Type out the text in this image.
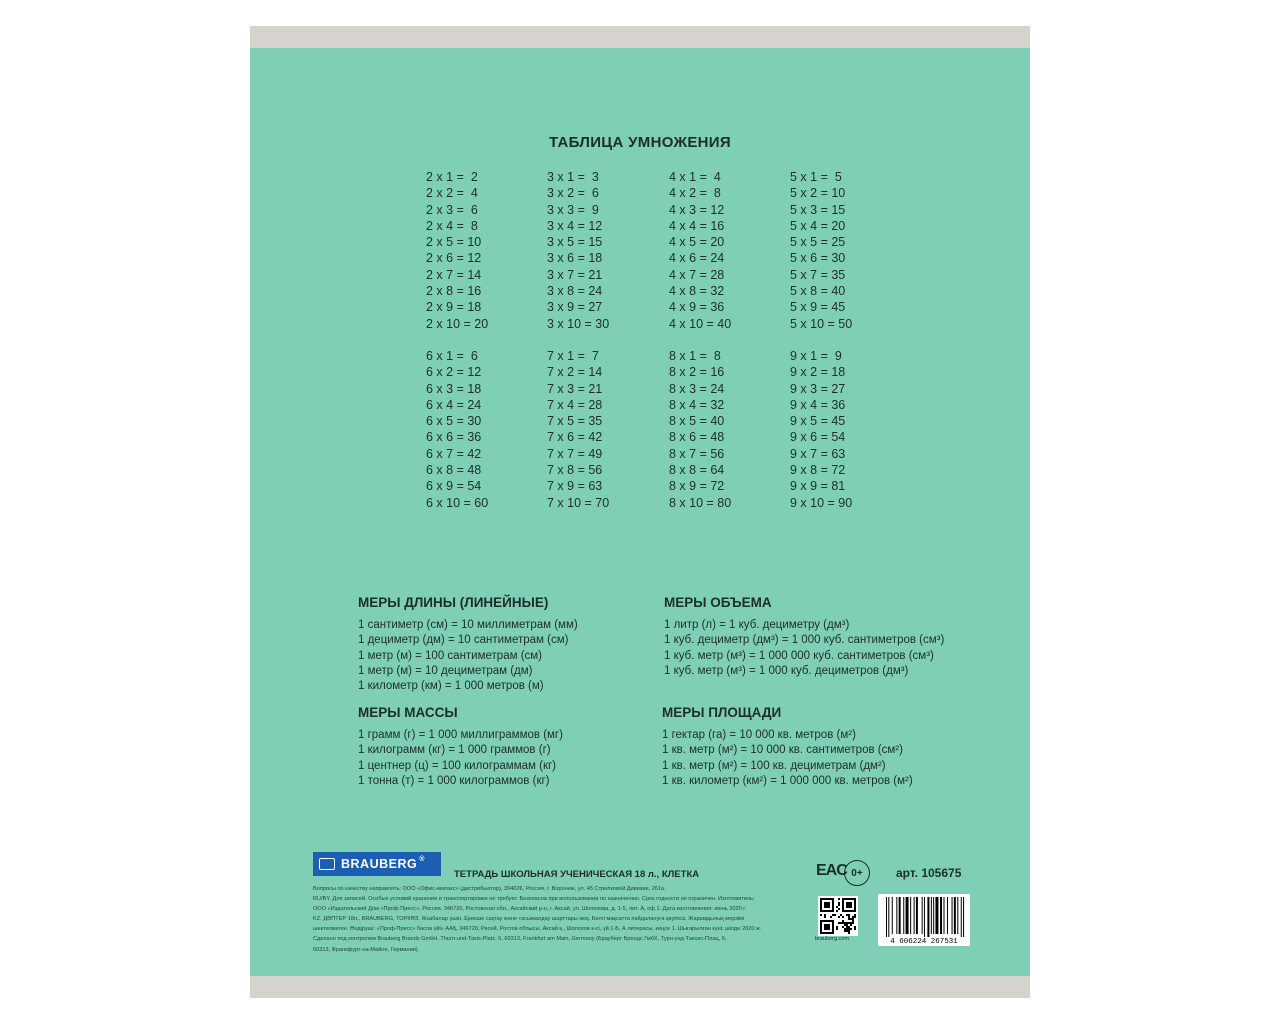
ТАБЛИЦА УМНОЖЕНИЯ
2 x 1 =  2
2 x 2 =  4
2 x 3 =  6
2 x 4 =  8
2 x 5 = 10
2 x 6 = 12
2 x 7 = 14
2 x 8 = 16
2 x 9 = 18
2 x 10 = 20
3 x 1 =  3
3 x 2 =  6
3 x 3 =  9
3 x 4 = 12
3 x 5 = 15
3 x 6 = 18
3 x 7 = 21
3 x 8 = 24
3 x 9 = 27
3 x 10 = 30
4 x 1 =  4
4 x 2 =  8
4 x 3 = 12
4 x 4 = 16
4 x 5 = 20
4 x 6 = 24
4 x 7 = 28
4 x 8 = 32
4 x 9 = 36
4 x 10 = 40
5 x 1 =  5
5 x 2 = 10
5 x 3 = 15
5 x 4 = 20
5 x 5 = 25
5 x 6 = 30
5 x 7 = 35
5 x 8 = 40
5 x 9 = 45
5 x 10 = 50
6 x 1 =  6
6 x 2 = 12
6 x 3 = 18
6 x 4 = 24
6 x 5 = 30
6 x 6 = 36
6 x 7 = 42
6 x 8 = 48
6 x 9 = 54
6 x 10 = 60
7 x 1 =  7
7 x 2 = 14
7 x 3 = 21
7 x 4 = 28
7 x 5 = 35
7 x 6 = 42
7 x 7 = 49
7 x 8 = 56
7 x 9 = 63
7 x 10 = 70
8 x 1 =  8
8 x 2 = 16
8 x 3 = 24
8 x 4 = 32
8 x 5 = 40
8 x 6 = 48
8 x 7 = 56
8 x 8 = 64
8 x 9 = 72
8 x 10 = 80
9 x 1 =  9
9 x 2 = 18
9 x 3 = 27
9 x 4 = 36
9 x 5 = 45
9 x 6 = 54
9 x 7 = 63
9 x 8 = 72
9 x 9 = 81
9 x 10 = 90
МЕРЫ ДЛИНЫ (ЛИНЕЙНЫЕ)
1 сантиметр (см) = 10 миллиметрам (мм)
1 дециметр (дм) = 10 сантиметрам (см)
1 метр (м) = 100 сантиметрам (см)
1 метр (м) = 10 дециметрам (дм)
1 километр (км) = 1 000 метров (м)
МЕРЫ ОБЪЕМА
1 литр (л) = 1 куб. дециметру (дм³)
1 куб. дециметр (дм³) = 1 000 куб. сантиметров (см³)
1 куб. метр (м³) = 1 000 000 куб. сантиметров (см³)
1 куб. метр (м³) = 1 000 куб. дециметров (дм³)
МЕРЫ МАССЫ
1 грамм (г) = 1 000 миллиграммов (мг)
1 килограмм (кг) = 1 000 граммов (г)
1 центнер (ц) = 100 килограммам (кг)
1 тонна (т) = 1 000 килограммов (кг)
МЕРЫ ПЛОЩАДИ
1 гектар (га) = 10 000 кв. метров (м²)
1 кв. метр (м²) = 10 000 кв. сантиметров (см²)
1 кв. метр (м²) = 100 кв. дециметрам (дм²)
1 кв. километр (км²) = 1 000 000 кв. метров (м²)
BRAUBERG ®
ТЕТРАДЬ ШКОЛЬНАЯ УЧЕНИЧЕСКАЯ 18 л., КЛЕТКА
Вопросы по качеству направлять: ООО «Офис-имлакс» (дистрибьютор), 394026, Россия, г. Воронеж, ул. 45 Стрелковой Дивизии, 261а.
RU/BY. Для записей. Особых условий хранения и транспортировки не требует. Безопасна при использовании по назначению. Срок годности не ограничен. Изготовитель:
ООО «Издательский Дом «Проф-Пресс», Россия, 346720, Ростовская обл., Аксайский р-н, г. Аксай, ул. Шолохова, д. 1-5, лит. А, оф.1. Дата изготовления: июнь 2020 г.
KZ. ДӘПТЕР 18п., BRAUBERG, ТОРКӨЗ. Жазбалар үшін. Ерекше сақтау және тасымалдау шарттары жоқ. Белгі мақсатта пайдалануға қауіпсіз. Жарамдылық мерзімі
шектелмеген. Өндіруші: «Проф-Пресс» баспа үйі» ААҚ, 346720, Ресей, Ростов облысы, Аксай қ., Шолохов к-сі, үй 1-Б, А литерасы, кеңсе 1. Шығарылған күні: шілде 2020 ж.
Сделано под контролем Brauberg Brands GmbH, Thurn-und-Taxis-Platz, 6, 60313, Frankfurt am Main, Germany (Брауберг Брендс ГмбХ, Турн-унд-Таксис-Плац, 6,
60313, Франкфурт-на-Майне, Германия).
EAC 0+	арт. 105675
brauberg.com	4 606224 267531
